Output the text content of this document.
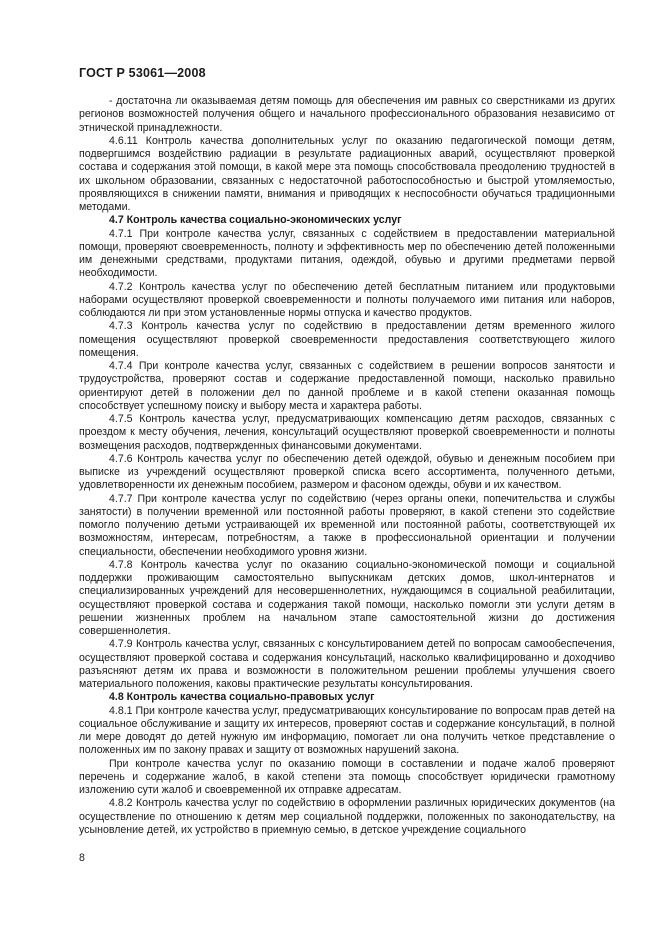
ГОСТ Р 53061—2008

- достаточна ли оказываемая детям помощь для обеспечения им равных со сверстниками из других регионов возможностей получения общего и начального профессионального образования независимо от этнической принадлежности.

4.6.11 Контроль качества дополнительных услуг по оказанию педагогической помощи детям, подвергшимся воздействию радиации в результате радиационных аварий, осуществляют проверкой состава и содержания этой помощи, в какой мере эта помощь способствовала преодолению трудностей в их школьном образовании, связанных с недостаточной работоспособностью и быстрой утомляемостью, проявляющихся в снижении памяти, внимания и приводящих к неспособности обучаться традиционными методами.

4.7 Контроль качества социально-экономических услуг

4.7.1 При контроле качества услуг, связанных с содействием в предоставлении материальной помощи, проверяют своевременность, полноту и эффективность мер по обеспечению детей положенными им денежными средствами, продуктами питания, одеждой, обувью и другими предметами первой необходимости.

4.7.2 Контроль качества услуг по обеспечению детей бесплатным питанием или продуктовыми наборами осуществляют проверкой своевременности и полноты получаемого ими питания или наборов, соблюдаются ли при этом установленные нормы отпуска и качество продуктов.

4.7.3 Контроль качества услуг по содействию в предоставлении детям временного жилого помещения осуществляют проверкой своевременности предоставления соответствующего жилого помещения.

4.7.4 При контроле качества услуг, связанных с содействием в решении вопросов занятости и трудоустройства, проверяют состав и содержание предоставленной помощи, насколько правильно ориентируют детей в положении дел по данной проблеме и в какой степени оказанная помощь способствует успешному поиску и выбору места и характера работы.

4.7.5 Контроль качества услуг, предусматривающих компенсацию детям расходов, связанных с проездом к месту обучения, лечения, консультаций осуществляют проверкой своевременности и полноты возмещения расходов, подтвержденных финансовыми документами.

4.7.6 Контроль качества услуг по обеспечению детей одеждой, обувью и денежным пособием при выписке из учреждений осуществляют проверкой списка всего ассортимента, полученного детьми, удовлетворенности их денежным пособием, размером и фасоном одежды, обуви и их качеством.

4.7.7 При контроле качества услуг по содействию (через органы опеки, попечительства и службы занятости) в получении временной или постоянной работы проверяют, в какой степени это содействие помогло получению детьми устраивающей их временной или постоянной работы, соответствующей их возможностям, интересам, потребностям, а также в профессиональной ориентации и получении специальности, обеспечении необходимого уровня жизни.

4.7.8 Контроль качества услуг по оказанию социально-экономической помощи и социальной поддержки проживающим самостоятельно выпускникам детских домов, школ-интернатов и специализированных учреждений для несовершеннолетних, нуждающимся в социальной реабилитации, осуществляют проверкой состава и содержания такой помощи, насколько помогли эти услуги детям в решении жизненных проблем на начальном этапе самостоятельной жизни до достижения совершеннолетия.

4.7.9 Контроль качества услуг, связанных с консультированием детей по вопросам самообеспечения, осуществляют проверкой состава и содержания консультаций, насколько квалифицированно и доходчиво разъясняют детям их права и возможности в положительном решении проблемы улучшения своего материального положения, каковы практические результаты консультирования.

4.8 Контроль качества социально-правовых услуг

4.8.1 При контроле качества услуг, предусматривающих консультирование по вопросам прав детей на социальное обслуживание и защиту их интересов, проверяют состав и содержание консультаций, в полной ли мере доводят до детей нужную им информацию, помогает ли она получить четкое представление о положенных им по закону правах и защиту от возможных нарушений закона.

При контроле качества услуг по оказанию помощи в составлении и подаче жалоб проверяют перечень и содержание жалоб, в какой степени эта помощь способствует юридически грамотному изложению сути жалоб и своевременной их отправке адресатам.

4.8.2 Контроль качества услуг по содействию в оформлении различных юридических документов (на осуществление по отношению к детям мер социальной поддержки, положенных по законодательству, на усыновление детей, их устройство в приемную семью, в детское учреждение социального

8
